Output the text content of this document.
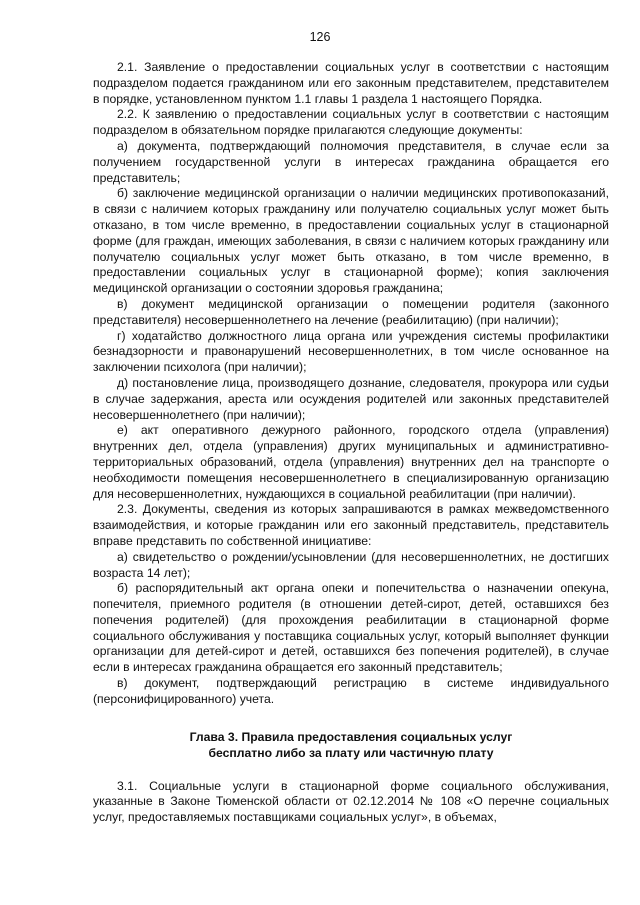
126

2.1. Заявление о предоставлении социальных услуг в соответствии с настоящим подразделом подается гражданином или его законным представителем, представителем в порядке, установленном пунктом 1.1 главы 1 раздела 1 настоящего Порядка.

2.2. К заявлению о предоставлении социальных услуг в соответствии с настоящим подразделом в обязательном порядке прилагаются следующие документы:

а) документа, подтверждающий полномочия представителя, в случае если за получением государственной услуги в интересах гражданина обращается его представитель;

б) заключение медицинской организации о наличии медицинских противопоказаний, в связи с наличием которых гражданину или получателю социальных услуг может быть отказано, в том числе временно, в предоставлении социальных услуг в стационарной форме (для граждан, имеющих заболевания, в связи с наличием которых гражданину или получателю социальных услуг может быть отказано, в том числе временно, в предоставлении социальных услуг в стационарной форме); копия заключения медицинской организации о состоянии здоровья гражданина;

в) документ медицинской организации о помещении родителя (законного представителя) несовершеннолетнего на лечение (реабилитацию) (при наличии);

г) ходатайство должностного лица органа или учреждения системы профилактики безнадзорности и правонарушений несовершеннолетних, в том числе основанное на заключении психолога (при наличии);

д) постановление лица, производящего дознание, следователя, прокурора или судьи в случае задержания, ареста или осуждения родителей или законных представителей несовершеннолетнего (при наличии);

е) акт оперативного дежурного районного, городского отдела (управления) внутренних дел, отдела (управления) других муниципальных и административно-территориальных образований, отдела (управления) внутренних дел на транспорте о необходимости помещения несовершеннолетнего в специализированную организацию для несовершеннолетних, нуждающихся в социальной реабилитации (при наличии).

2.3. Документы, сведения из которых запрашиваются в рамках межведомственного взаимодействия, и которые гражданин или его законный представитель, представитель вправе представить по собственной инициативе:

а) свидетельство о рождении/усыновлении (для несовершеннолетних, не достигших возраста 14 лет);

б) распорядительный акт органа опеки и попечительства о назначении опекуна, попечителя, приемного родителя (в отношении детей-сирот, детей, оставшихся без попечения родителей) (для прохождения реабилитации в стационарной форме социального обслуживания у поставщика социальных услуг, который выполняет функции организации для детей-сирот и детей, оставшихся без попечения родителей), в случае если в интересах гражданина обращается его законный представитель;

в) документ, подтверждающий регистрацию в системе индивидуального (персонифицированного) учета.

Глава 3. Правила предоставления социальных услуг
бесплатно либо за плату или частичную плату

3.1. Социальные услуги в стационарной форме социального обслуживания, указанные в Законе Тюменской области от 02.12.2014 № 108 «О перечне социальных услуг, предоставляемых поставщиками социальных услуг», в объемах,
